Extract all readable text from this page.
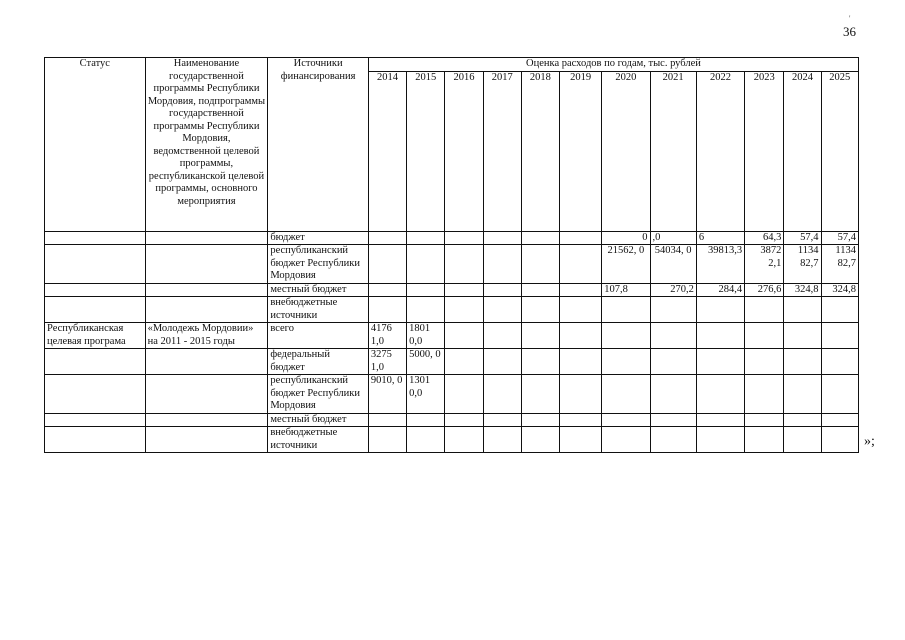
36
'
Статус	Наименование государственной программы Республики Мордовия, подпрограммы государственной программы Республики Мордовия, ведомственной целевой программы, республиканской целевой программы, основного мероприятия	Источники финансирования	Оценка расходов по годам, тыс. рублей											
			2014	2015	2016	2017	2018	2019	2020	2021	2022	2023	2024	2025
		бюджет							0	,0	6	64,3	57,4	57,4
		республиканский бюджет Республики Мордовия							21562, 0	54034, 0	39813,3	3872 2,1	1134 82,7	1134 82,7
		местный бюджет							107,8	270,2	284,4	276,6	324,8	324,8
		внебюджетные источники												
Республиканская целевая програма	«Молодежь Мордовии» на 2011 - 2015 годы	всего	4176 1,0	1801 0,0										
		федеральный бюджет	3275 1,0	5000, 0										
		республиканский бюджет Республики Мордовия	9010, 0	1301 0,0										
		местный бюджет												
		внебюджетные источники													»;
